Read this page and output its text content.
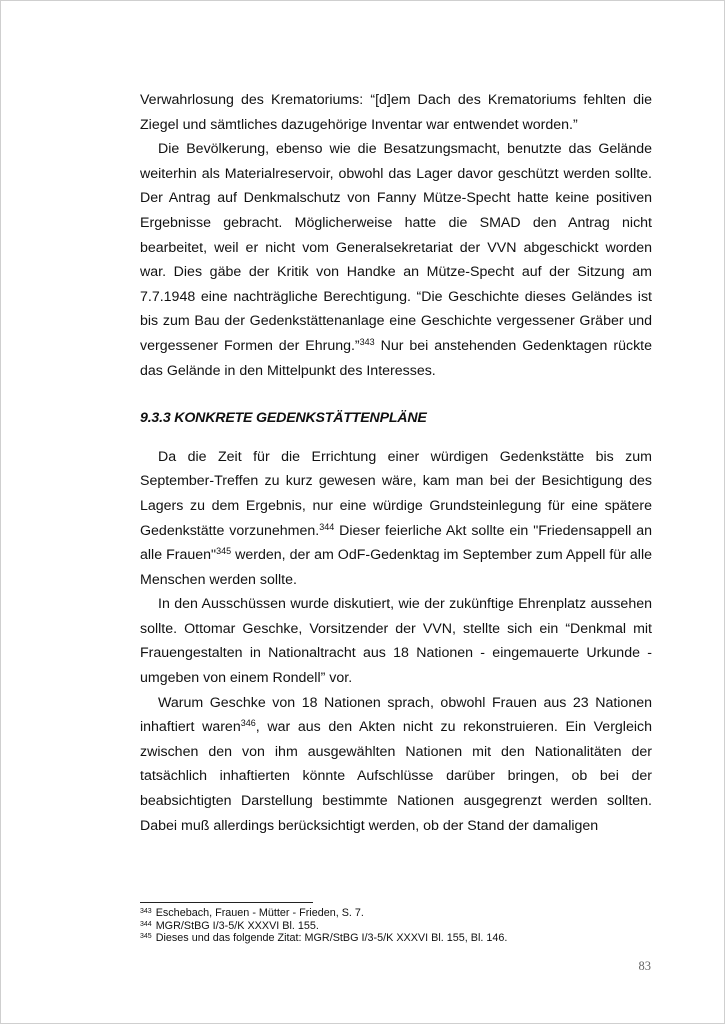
Verwahrlosung des Krematoriums: “[d]em Dach des Krematoriums fehlten die Ziegel und sämtliches dazugehörige Inventar war entwendet worden.”

Die Bevölkerung, ebenso wie die Besatzungsmacht, benutzte das Gelände weiterhin als Materialreservoir, obwohl das Lager davor geschützt werden sollte. Der Antrag auf Denkmalschutz von Fanny Mütze-Specht hatte keine positiven Ergebnisse gebracht. Möglicherweise hatte die SMAD den Antrag nicht bearbeitet, weil er nicht vom Generalsekretariat der VVN abgeschickt worden war. Dies gäbe der Kritik von Handke an Mütze-Specht auf der Sitzung am 7.7.1948 eine nachträgliche Berechtigung. “Die Geschichte dieses Geländes ist bis zum Bau der Gedenkstättenanlage eine Geschichte vergessener Gräber und vergessener Formen der Ehrung.”$^{343}$ Nur bei anstehenden Gedenktagen rückte das Gelände in den Mittelpunkt des Interesses.

9.3.3 KONKRETE GEDENKSTÄTTENPLÄNE

Da die Zeit für die Errichtung einer würdigen Gedenkstätte bis zum September-Treffen zu kurz gewesen wäre, kam man bei der Besichtigung des Lagers zu dem Ergebnis, nur eine würdige Grundsteinlegung für eine spätere Gedenkstätte vorzunehmen.$^{344}$ Dieser feierliche Akt sollte ein "Friedensappell an alle Frauen"$^{345}$ werden, der am OdF-Gedenktag im September zum Appell für alle Menschen werden sollte.

In den Ausschüssen wurde diskutiert, wie der zukünftige Ehrenplatz aussehen sollte. Ottomar Geschke, Vorsitzender der VVN, stellte sich ein “Denkmal mit Frauengestalten in Nationaltracht aus 18 Nationen - eingemauerte Urkunde - umgeben von einem Rondell” vor.

Warum Geschke von 18 Nationen sprach, obwohl Frauen aus 23 Nationen inhaftiert waren$^{346}$, war aus den Akten nicht zu rekonstruieren. Ein Vergleich zwischen den von ihm ausgewählten Nationen mit den Nationalitäten der tatsächlich inhaftierten könnte Aufschlüsse darüber bringen, ob bei der beabsichtigten Darstellung bestimmte Nationen ausgegrenzt werden sollten. Dabei muß allerdings berücksichtigt werden, ob der Stand der damaligen

$^{343}$ Eschebach, Frauen - Mütter - Frieden, S. 7.

$^{344}$ MGR/StBG I/3-5/K XXXVI Bl. 155.

$^{345}$ Dieses und das folgende Zitat: MGR/StBG I/3-5/K XXXVI Bl. 155, Bl. 146.

83
